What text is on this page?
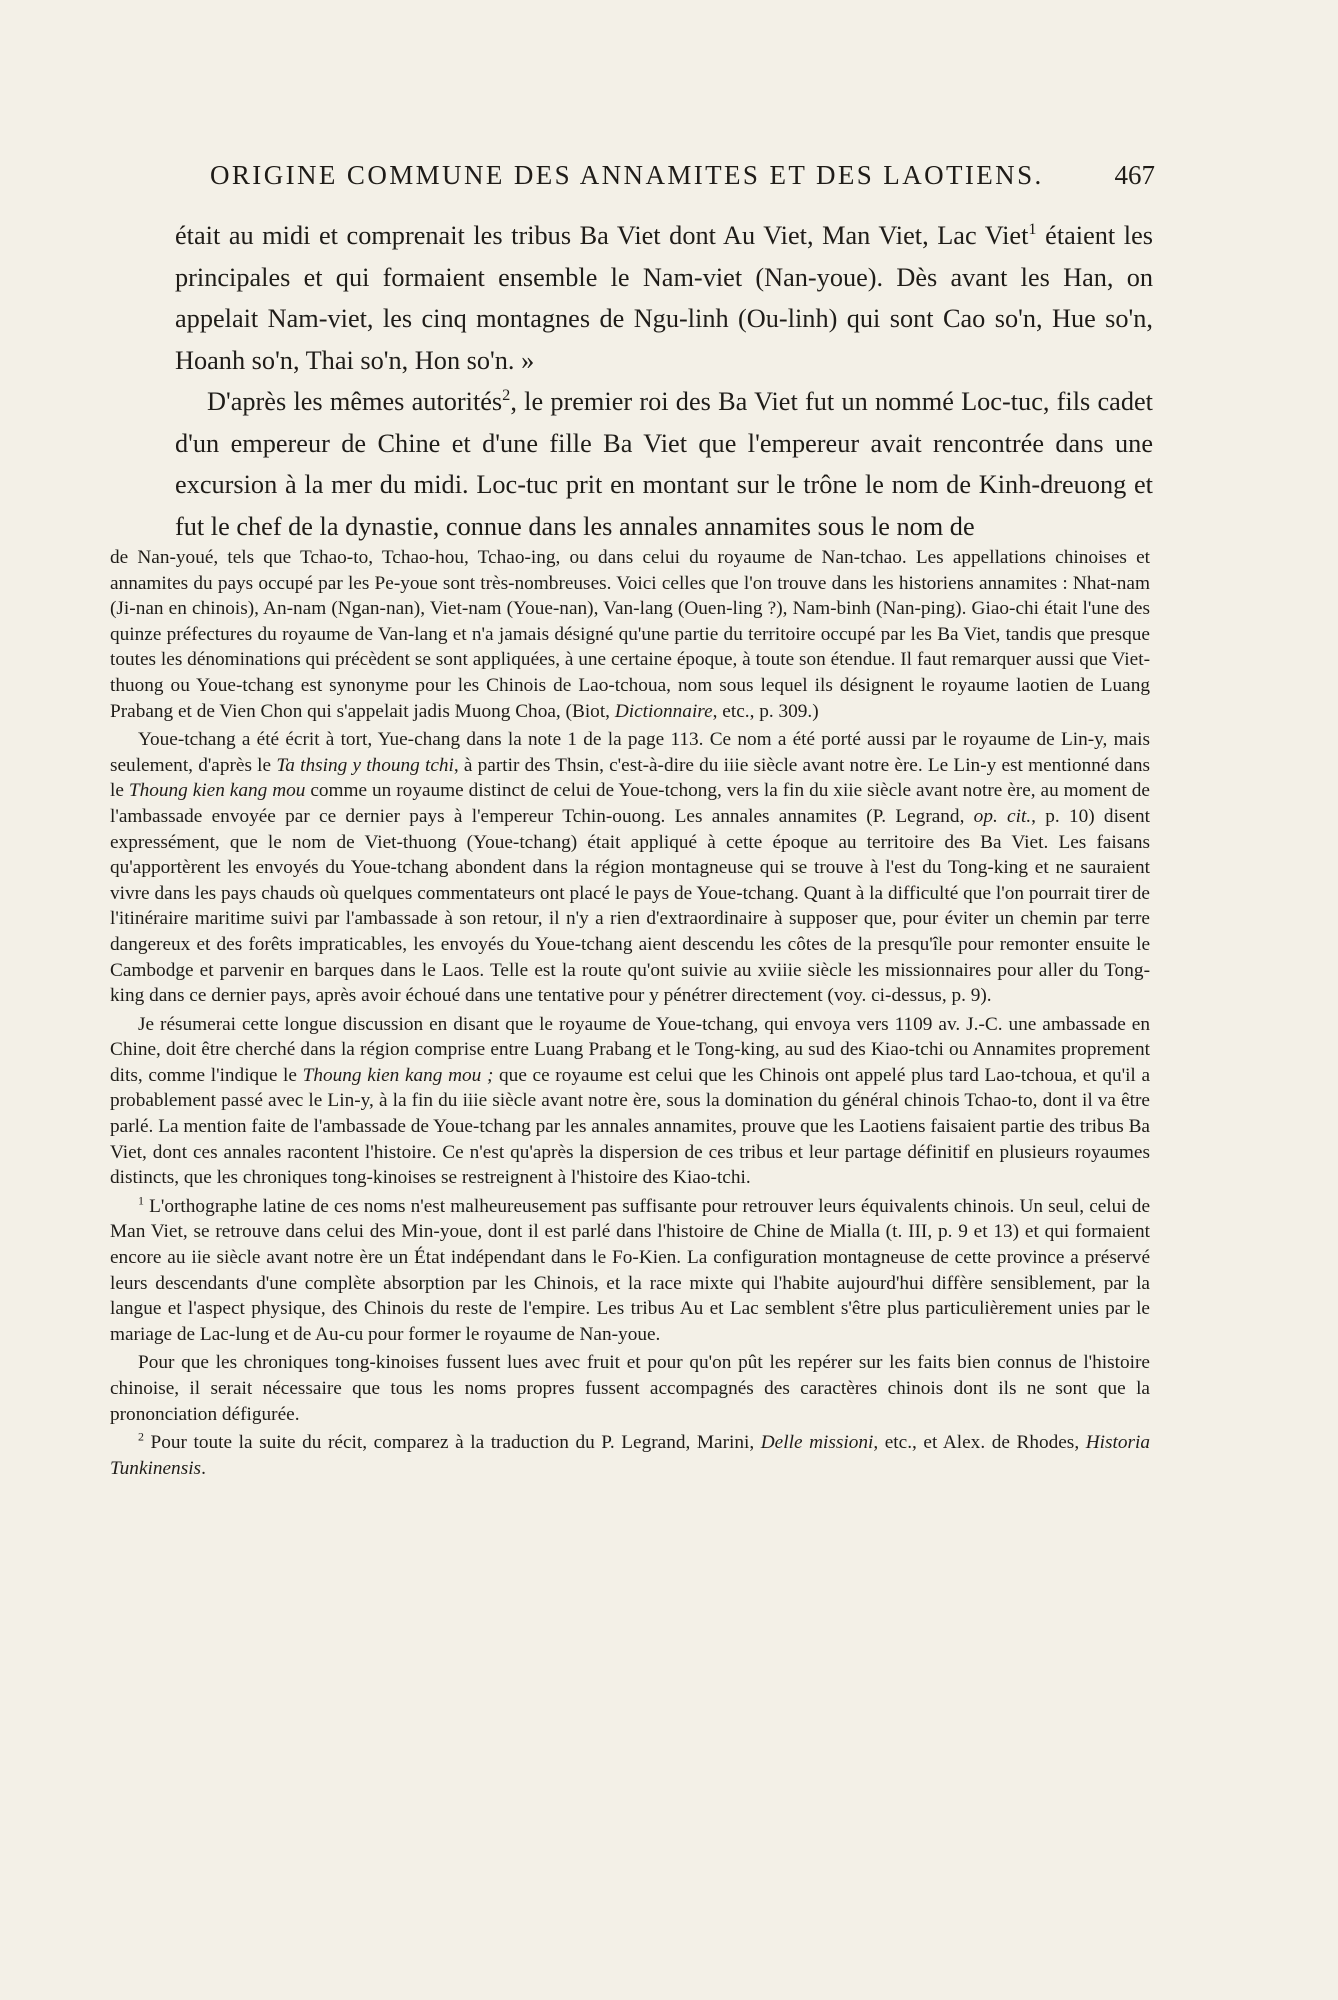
ORIGINE COMMUNE DES ANNAMITES ET DES LAOTIENS.	467

était au midi et comprenait les tribus Ba Viet dont Au Viet, Man Viet, Lac Viet$^1$ étaient les principales et qui formaient ensemble le Nam-viet (Nan-youe). Dès avant les Han, on appelait Nam-viet, les cinq montagnes de Ngu-linh (Ou-linh) qui sont Cao so'n, Hue so'n, Hoanh so'n, Thai so'n, Hon so'n. »

D'après les mêmes autorités$^2$, le premier roi des Ba Viet fut un nommé Loc-tuc, fils cadet d'un empereur de Chine et d'une fille Ba Viet que l'empereur avait rencontrée dans une excursion à la mer du midi. Loc-tuc prit en montant sur le trône le nom de Kinh-dreuong et fut le chef de la dynastie, connue dans les annales annamites sous le nom de

de Nan-youé, tels que Tchao-to, Tchao-hou, Tchao-ing, ou dans celui du royaume de Nan-tchao. Les appellations chinoises et annamites du pays occupé par les Pe-youe sont très-nombreuses. Voici celles que l'on trouve dans les historiens annamites : Nhat-nam (Ji-nan en chinois), An-nam (Ngan-nan), Viet-nam (Youe-nan), Van-lang (Ouen-ling ?), Nam-binh (Nan-ping). Giao-chi était l'une des quinze préfectures du royaume de Van-lang et n'a jamais désigné qu'une partie du territoire occupé par les Ba Viet, tandis que presque toutes les dénominations qui précèdent se sont appliquées, à une certaine époque, à toute son étendue. Il faut remarquer aussi que Viet-thuong ou Youe-tchang est synonyme pour les Chinois de Lao-tchoua, nom sous lequel ils désignent le royaume laotien de Luang Prabang et de Vien Chon qui s'appelait jadis Muong Choa, (Biot, Dictionnaire, etc., p. 309.)

Youe-tchang a été écrit à tort, Yue-chang dans la note 1 de la page 113. Ce nom a été porté aussi par le royaume de Lin-y, mais seulement, d'après le Ta thsing y thoung tchi, à partir des Thsin, c'est-à-dire du iiie siècle avant notre ère. Le Lin-y est mentionné dans le Thoung kien kang mou comme un royaume distinct de celui de Youe-tchong, vers la fin du xiie siècle avant notre ère, au moment de l'ambassade envoyée par ce dernier pays à l'empereur Tchin-ouong. Les annales annamites (P. Legrand, op. cit., p. 10) disent expressément, que le nom de Viet-thuong (Youe-tchang) était appliqué à cette époque au territoire des Ba Viet. Les faisans qu'apportèrent les envoyés du Youe-tchang abondent dans la région montagneuse qui se trouve à l'est du Tong-king et ne sauraient vivre dans les pays chauds où quelques commentateurs ont placé le pays de Youe-tchang. Quant à la difficulté que l'on pourrait tirer de l'itinéraire maritime suivi par l'ambassade à son retour, il n'y a rien d'extraordinaire à supposer que, pour éviter un chemin par terre dangereux et des forêts impraticables, les envoyés du Youe-tchang aient descendu les côtes de la presqu'île pour remonter ensuite le Cambodge et parvenir en barques dans le Laos. Telle est la route qu'ont suivie au xviiie siècle les missionnaires pour aller du Tong-king dans ce dernier pays, après avoir échoué dans une tentative pour y pénétrer directement (voy. ci-dessus, p. 9).

Je résumerai cette longue discussion en disant que le royaume de Youe-tchang, qui envoya vers 1109 av. J.-C. une ambassade en Chine, doit être cherché dans la région comprise entre Luang Prabang et le Tong-king, au sud des Kiao-tchi ou Annamites proprement dits, comme l'indique le Thoung kien kang mou ; que ce royaume est celui que les Chinois ont appelé plus tard Lao-tchoua, et qu'il a probablement passé avec le Lin-y, à la fin du iiie siècle avant notre ère, sous la domination du général chinois Tchao-to, dont il va être parlé. La mention faite de l'ambassade de Youe-tchang par les annales annamites, prouve que les Laotiens faisaient partie des tribus Ba Viet, dont ces annales racontent l'histoire. Ce n'est qu'après la dispersion de ces tribus et leur partage définitif en plusieurs royaumes distincts, que les chroniques tong-kinoises se restreignent à l'histoire des Kiao-tchi.

$^1$ L'orthographe latine de ces noms n'est malheureusement pas suffisante pour retrouver leurs équivalents chinois. Un seul, celui de Man Viet, se retrouve dans celui des Min-youe, dont il est parlé dans l'histoire de Chine de Mialla (t. III, p. 9 et 13) et qui formaient encore au iie siècle avant notre ère un État indépendant dans le Fo-Kien. La configuration montagneuse de cette province a préservé leurs descendants d'une complète absorption par les Chinois, et la race mixte qui l'habite aujourd'hui diffère sensiblement, par la langue et l'aspect physique, des Chinois du reste de l'empire. Les tribus Au et Lac semblent s'être plus particulièrement unies par le mariage de Lac-lung et de Au-cu pour former le royaume de Nan-youe.

Pour que les chroniques tong-kinoises fussent lues avec fruit et pour qu'on pût les repérer sur les faits bien connus de l'histoire chinoise, il serait nécessaire que tous les noms propres fussent accompagnés des caractères chinois dont ils ne sont que la prononciation défigurée.

$^2$ Pour toute la suite du récit, comparez à la traduction du P. Legrand, Marini, Delle missioni, etc., et Alex. de Rhodes, Historia Tunkinensis.
